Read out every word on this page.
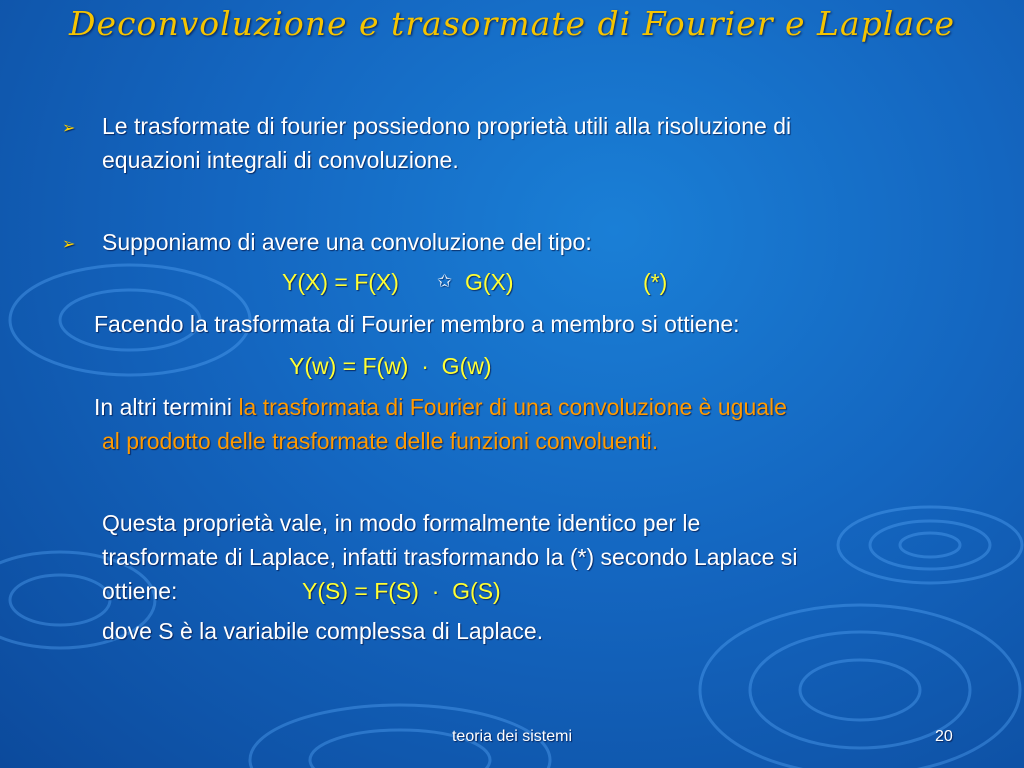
Deconvoluzione e trasormate di Fourier e Laplace
➢ Le trasformate di fourier possiedono proprietà utili alla risoluzione di
equazioni integrali di convoluzione.
➢ Supponiamo di avere una convoluzione del tipo:
Y(X) = F(X) ✩ G(X)	(*)
Facendo la trasformata di Fourier membro a membro si ottiene:
Y(w) = F(w)  ·  G(w)
In altri termini la trasformata di Fourier di una convoluzione è uguale
al prodotto delle trasformate delle funzioni convoluenti.
Questa proprietà vale, in modo formalmente identico per le
trasformate di Laplace, infatti trasformando la (*) secondo Laplace si
ottiene:	Y(S) = F(S)  ·  G(S)
dove S è la variabile complessa di Laplace.
teoria dei sistemi	20
